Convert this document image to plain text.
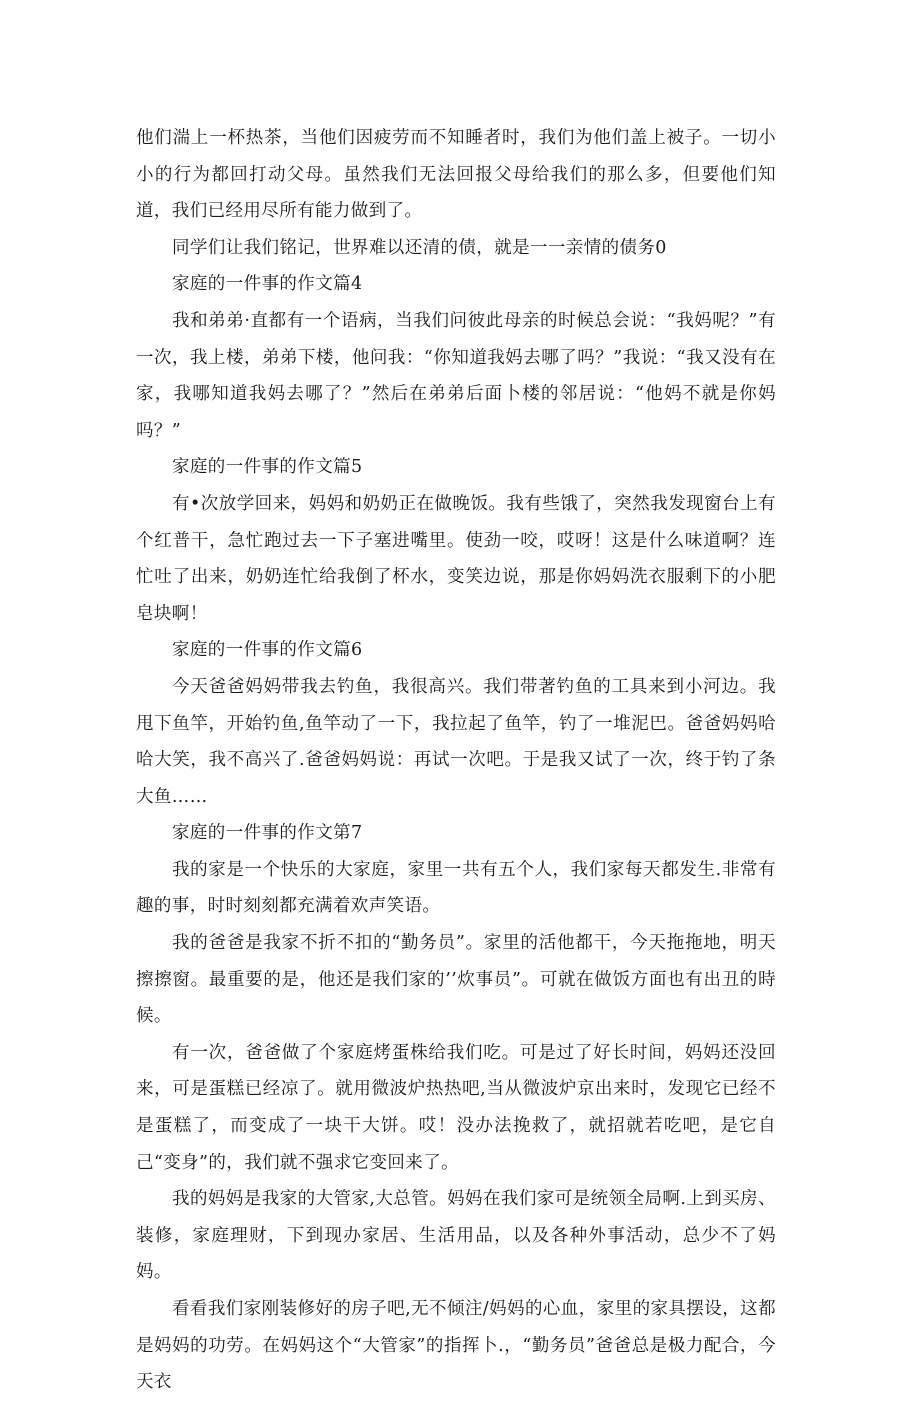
他们湍上一杯热茶，当他们因疲劳而不知睡者时，我们为他们盖上被子。一切小小的行为都回打动父母。虽然我们无法回报父母给我们的那么多，但要他们知道，我们已经用尽所有能力做到了。

同学们让我们铭记，世界难以还清的债，就是一一亲情的债务0

家庭的一件事的作文篇4

我和弟弟·直都有一个语病，当我们问彼此母亲的时候总会说：“我妈呢？”有一次，我上楼，弟弟下楼，他问我：“你知道我妈去哪了吗？”我说：“我又没有在家，我哪知道我妈去哪了？”然后在弟弟后面卜楼的邻居说：“他妈不就是你妈吗？”

家庭的一件事的作文篇5

有•次放学回来，妈妈和奶奶正在做晚饭。我有些饿了，突然我发现窗台上有个红普干，急忙跑过去一下子塞进嘴里。使劲一咬，哎呀！这是什么味道啊？连忙吐了出来，奶奶连忙给我倒了杯水，变笑边说，那是你妈妈洗衣服剩下的小肥皂块啊！

家庭的一件事的作文篇6

今天爸爸妈妈带我去钓鱼，我很高兴。我们带著钓鱼的工具来到小河边。我甩下鱼竿，开始钓鱼,鱼竿动了一下，我拉起了鱼竿，钓了一堆泥巴。爸爸妈妈哈哈大笑，我不高兴了.爸爸妈妈说：再试一次吧。于是我又试了一次，终于钓了条大鱼……

家庭的一件事的作文第7

我的家是一个快乐的大家庭，家里一共有五个人，我们家每天都发生.非常有趣的事，时时刻刻都充满着欢声笑语。

我的爸爸是我家不折不扣的“勤务员”。家里的活他都干，今天拖拖地，明天擦擦窗。最重要的是，他还是我们家的’’炊事员”。可就在做饭方面也有出丑的時候。

有一次，爸爸做了个家庭烤蛋株给我们吃。可是过了好长时间，妈妈还没回来，可是蛋糕已经凉了。就用微波炉热热吧,当从微波炉京出来时，发现它已经不是蛋糕了，而变成了一块干大饼。哎！没办法挽救了，就招就若吃吧，是它自己“变身”的，我们就不强求它变回来了。

我的妈妈是我家的大管家,大总管。妈妈在我们家可是统领全局啊.上到买房、装修，家庭理财，下到现办家居、生活用品，以及各种外事活动，总少不了妈妈。

看看我们家刚装修好的房子吧,无不倾注/妈妈的心血，家里的家具摆设，这都是妈妈的功劳。在妈妈这个“大管家”的指挥卜.，“勤务员”爸爸总是极力配合，今天衣
